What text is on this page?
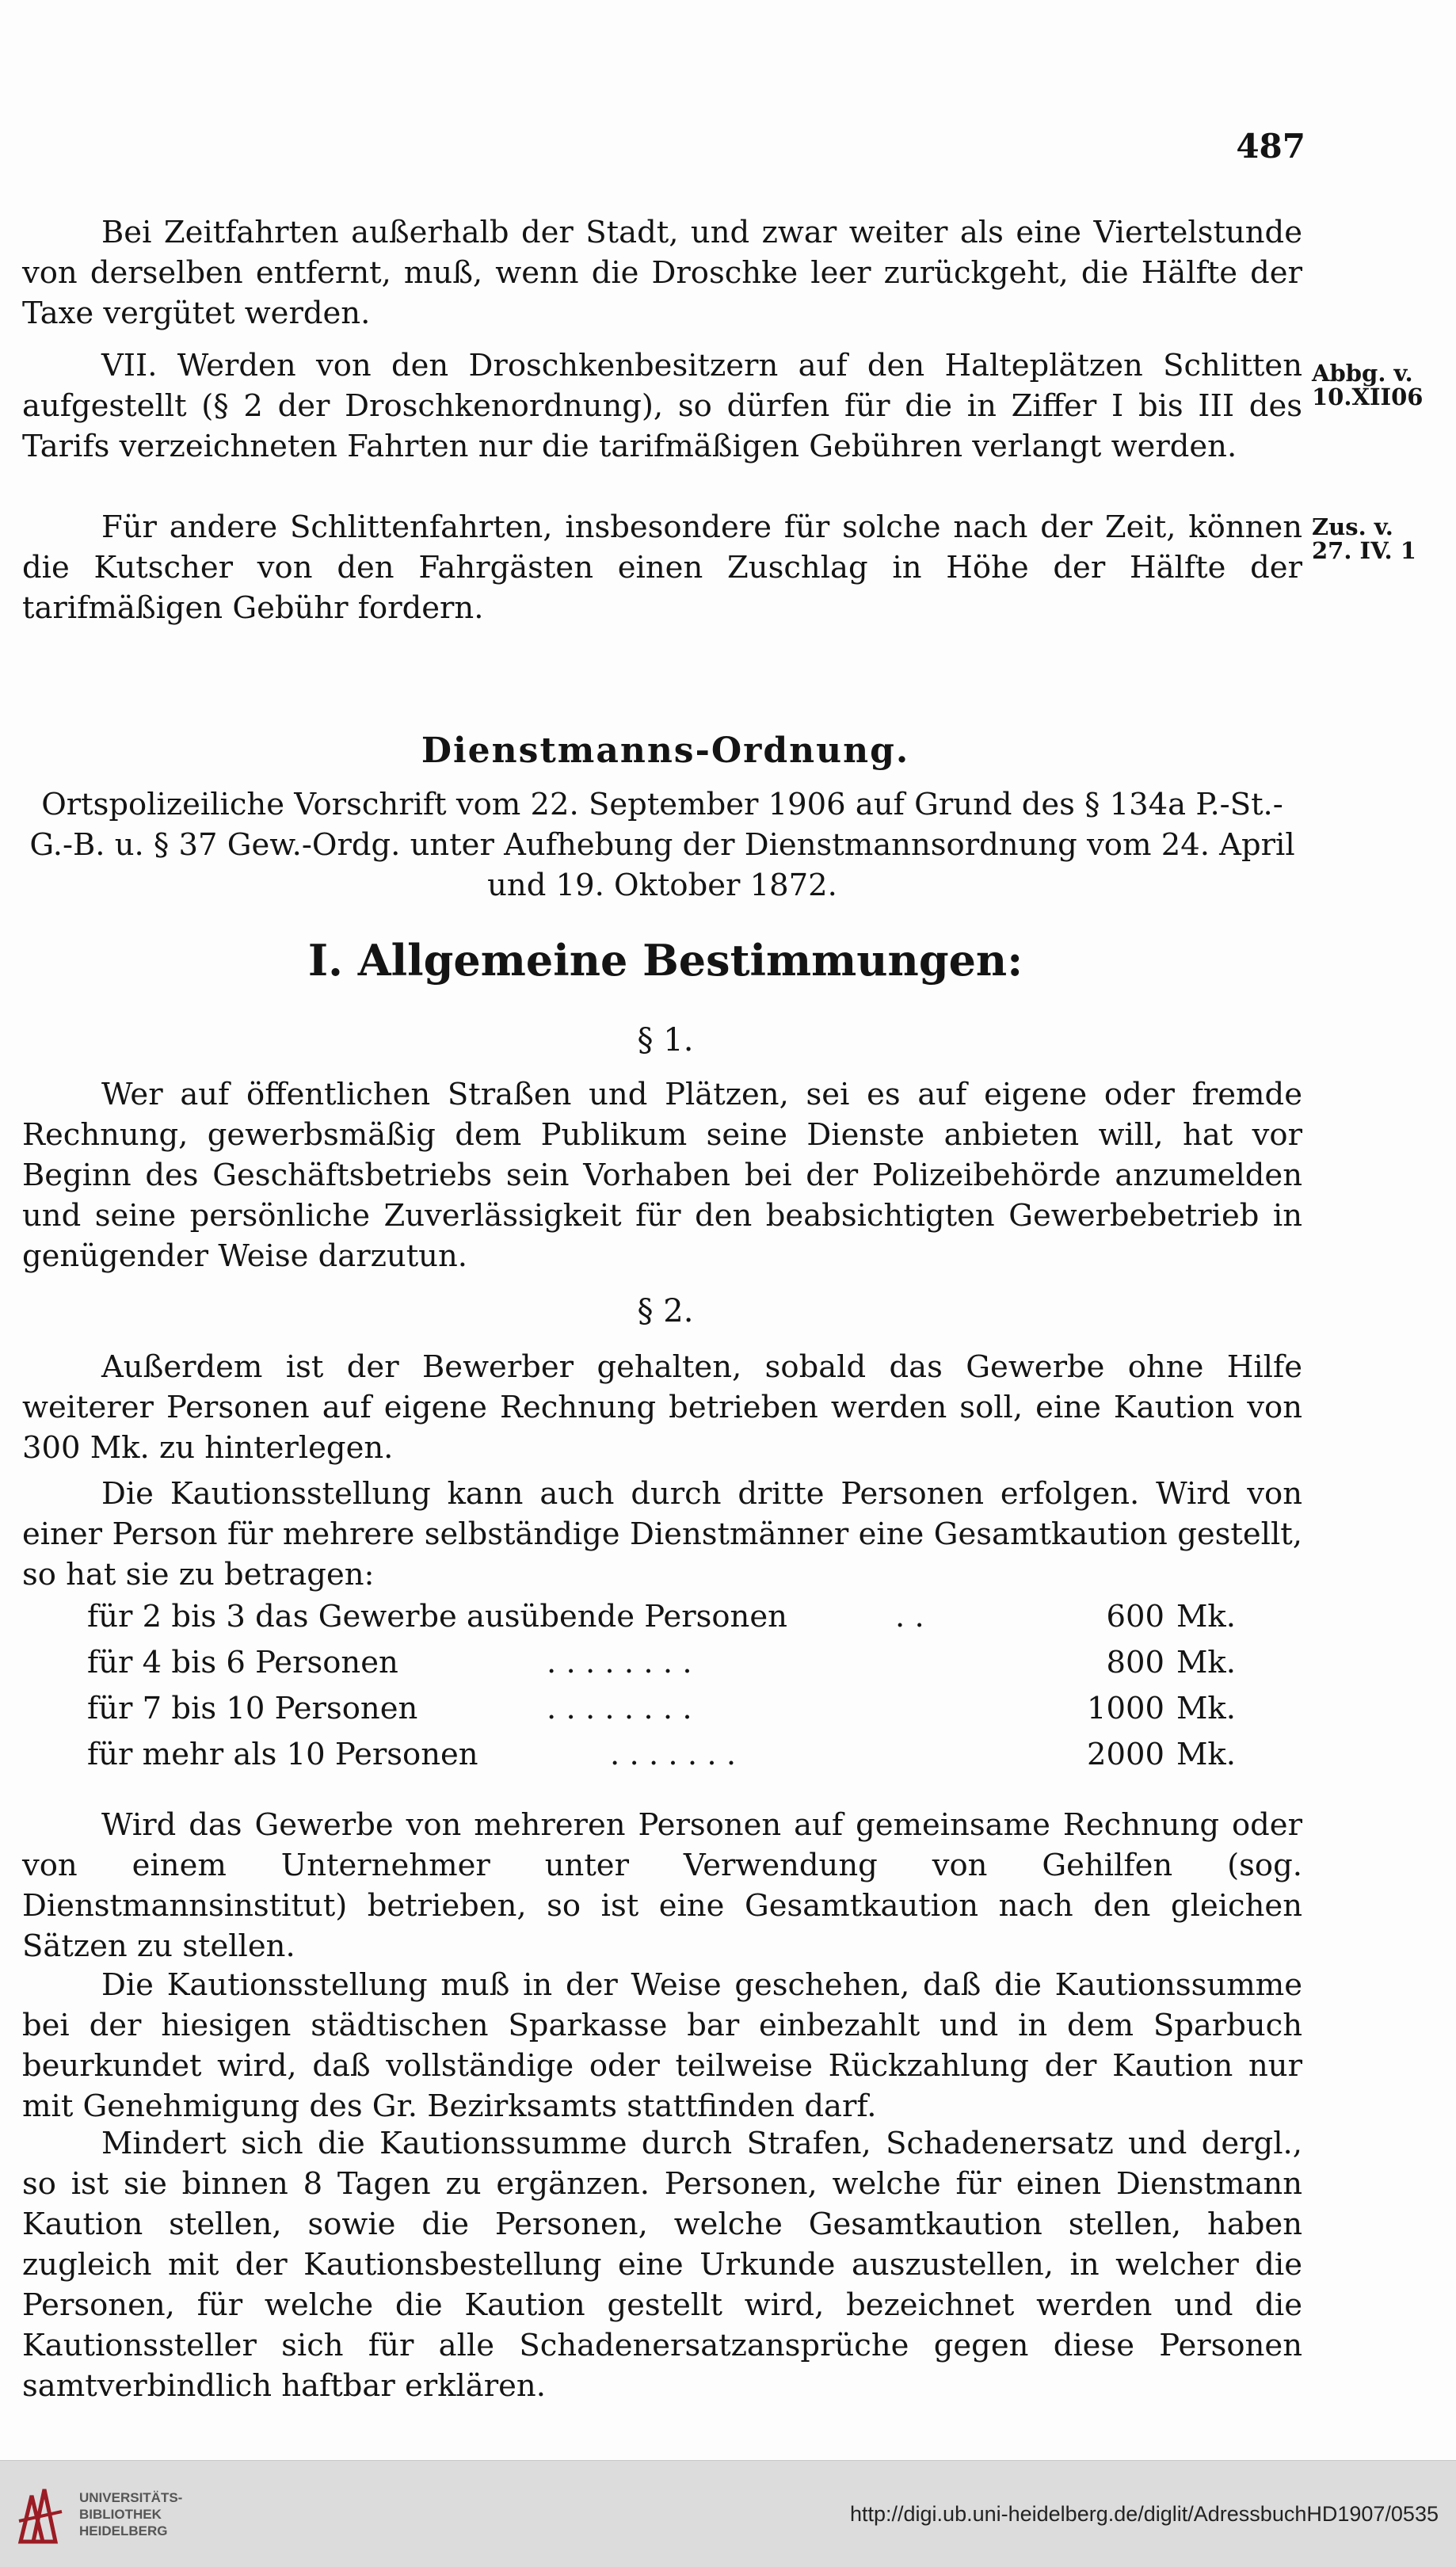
487

Bei Zeitfahrten außerhalb der Stadt, und zwar weiter als eine Viertelstunde von derselben entfernt, muß, wenn die Droschke leer zurückgeht, die Hälfte der Taxe vergütet werden.

VII. Werden von den Droschkenbesitzern auf den Halteplätzen Schlitten aufgestellt (§ 2 der Droschkenordnung), so dürfen für die in Ziffer I bis III des Tarifs verzeichneten Fahrten nur die tarifmäßigen Gebühren verlangt werden.

Abbg. v.
10.XII06

Für andere Schlittenfahrten, insbesondere für solche nach der Zeit, können die Kutscher von den Fahrgästen einen Zuschlag in Höhe der Hälfte der tarifmäßigen Gebühr fordern.

Zus. v.
27. IV. 1
Dienstmanns-Ordnung.

Ortspolizeiliche Vorschrift vom 22. September 1906 auf Grund des § 134a P.-St.-G.-B. u. § 37 Gew.-Ordg. unter Aufhebung der Dienstmannsordnung vom 24. April und 19. Oktober 1872.

I. Allgemeine Bestimmungen:
§ 1.

Wer auf öffentlichen Straßen und Plätzen, sei es auf eigene oder fremde Rechnung, gewerbsmäßig dem Publikum seine Dienste anbieten will, hat vor Beginn des Geschäftsbetriebs sein Vorhaben bei der Polizeibehörde anzumelden und seine persönliche Zuverlässigkeit für den beabsichtigten Gewerbebetrieb in genügender Weise darzutun.

§ 2.

Außerdem ist der Bewerber gehalten, sobald das Gewerbe ohne Hilfe weiterer Personen auf eigene Rechnung betrieben werden soll, eine Kaution von 300 Mk. zu hinterlegen.

Die Kautionsstellung kann auch durch dritte Personen erfolgen. Wird von einer Person für mehrere selbständige Dienstmänner eine Gesamtkaution gestellt, so hat sie zu betragen:

für 2 bis 3 das Gewerbe ausübende Personen	. .	600 Mk.
für 4 bis 6 Personen	. . . . . . . .	800 Mk.
für 7 bis 10 Personen	. . . . . . . .	1000 Mk.
für mehr als 10 Personen	. . . . . . .	2000 Mk.

Wird das Gewerbe von mehreren Personen auf gemeinsame Rechnung oder von einem Unternehmer unter Verwendung von Gehilfen (sog. Dienstmannsinstitut) betrieben, so ist eine Gesamtkaution nach den gleichen Sätzen zu stellen.

Die Kautionsstellung muß in der Weise geschehen, daß die Kautionssumme bei der hiesigen städtischen Sparkasse bar einbezahlt und in dem Sparbuch beurkundet wird, daß vollständige oder teilweise Rückzahlung der Kaution nur mit Genehmigung des Gr. Bezirksamts stattfinden darf.

Mindert sich die Kautionssumme durch Strafen, Schadenersatz und dergl., so ist sie binnen 8 Tagen zu ergänzen. Personen, welche für einen Dienstmann Kaution stellen, sowie die Personen, welche Gesamtkaution stellen, haben zugleich mit der Kautionsbestellung eine Urkunde auszustellen, in welcher die Personen, für welche die Kaution gestellt wird, bezeichnet werden und die Kautionssteller sich für alle Schadenersatzansprüche gegen diese Personen samtverbindlich haftbar erklären.

UNIVERSITÄTS-
BIBLIOTHEK
HEIDELBERG
http://digi.ub.uni-heidelberg.de/diglit/AdressbuchHD1907/0535
